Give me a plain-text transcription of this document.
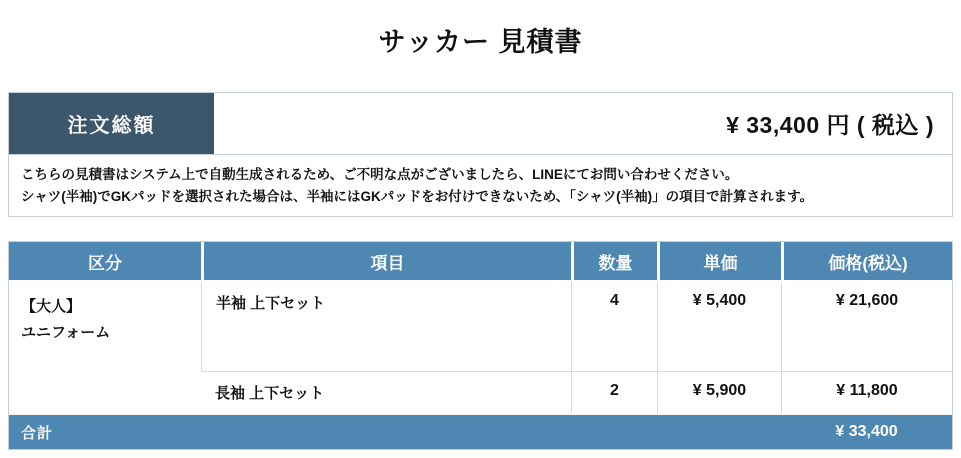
サッカー 見積書
注文総額	¥ 33,400 円 ( 税込 )
こちらの見積書はシステム上で自動生成されるため、ご不明な点がございましたら、LINEにてお問い合わせください。
シャツ(半袖)でGKパッドを選択された場合は、半袖にはGKパッドをお付けできないため、「シャツ(半袖)」の項目で計算されます。
区分	項目	数量	単価	価格(税込)

【大人】
ユニフォーム	半袖 上下セット	4	¥ 5,400	¥ 21,600
	長袖 上下セット	2	¥ 5,900	¥ 11,800
合計				¥ 33,400
